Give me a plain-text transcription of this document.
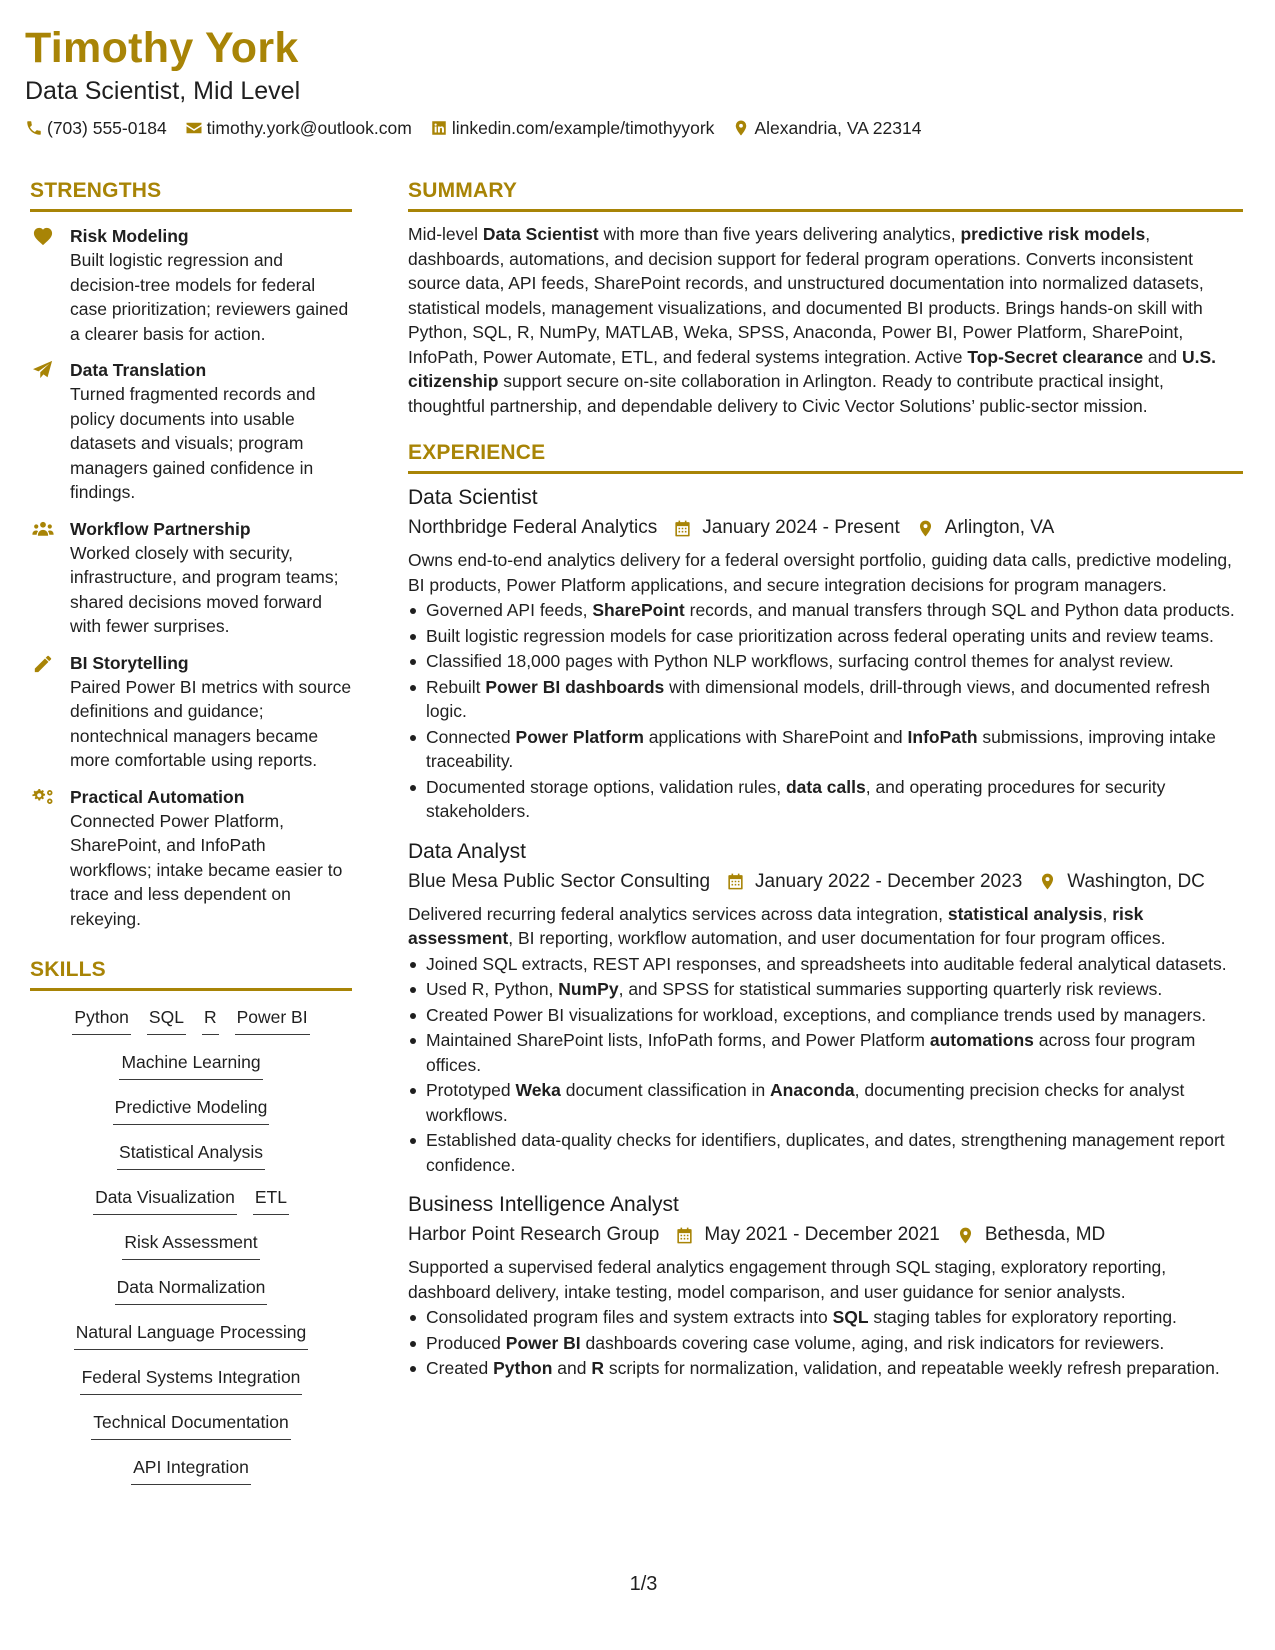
Timothy York
Data Scientist, Mid Level
(703) 555-0184 timothy.york@outlook.com linkedin.com/example/timothyyork Alexandria, VA 22314
STRENGTHS
Risk Modeling
Built logistic regression and decision-tree models for federal case prioritization; reviewers gained a clearer basis for action.
Data Translation
Turned fragmented records and policy documents into usable datasets and visuals; program managers gained confidence in findings.
Workflow Partnership
Worked closely with security, infrastructure, and program teams; shared decisions moved forward with fewer surprises.
BI Storytelling
Paired Power BI metrics with source definitions and guidance; nontechnical managers became more comfortable using reports.
Practical Automation
Connected Power Platform, SharePoint, and InfoPath workflows; intake became easier to trace and less dependent on rekeying.
SKILLS
Python SQL R Power BI
Machine Learning
Predictive Modeling
Statistical Analysis
Data Visualization ETL
Risk Assessment
Data Normalization
Natural Language Processing
Federal Systems Integration
Technical Documentation
API Integration
SUMMARY
Mid-level Data Scientist with more than five years delivering analytics, predictive risk models, dashboards, automations, and decision support for federal program operations. Converts inconsistent source data, API feeds, SharePoint records, and unstructured documentation into normalized datasets, statistical models, management visualizations, and documented BI products. Brings hands-on skill with Python, SQL, R, NumPy, MATLAB, Weka, SPSS, Anaconda, Power BI, Power Platform, SharePoint, InfoPath, Power Automate, ETL, and federal systems integration. Active Top-Secret clearance and U.S. citizenship support secure on-site collaboration in Arlington. Ready to contribute practical insight, thoughtful partnership, and dependable delivery to Civic Vector Solutions’ public-sector mission.
EXPERIENCE
Data Scientist
Northbridge Federal Analytics January 2024 - Present Arlington, VA
Owns end-to-end analytics delivery for a federal oversight portfolio, guiding data calls, predictive modeling, BI products, Power Platform applications, and secure integration decisions for program managers.
Governed API feeds, SharePoint records, and manual transfers through SQL and Python data products.
Built logistic regression models for case prioritization across federal operating units and review teams.
Classified 18,000 pages with Python NLP workflows, surfacing control themes for analyst review.
Rebuilt Power BI dashboards with dimensional models, drill-through views, and documented refresh logic.
Connected Power Platform applications with SharePoint and InfoPath submissions, improving intake traceability.
Documented storage options, validation rules, data calls, and operating procedures for security stakeholders.
Data Analyst
Blue Mesa Public Sector Consulting January 2022 - December 2023 Washington, DC
Delivered recurring federal analytics services across data integration, statistical analysis, risk assessment, BI reporting, workflow automation, and user documentation for four program offices.
Joined SQL extracts, REST API responses, and spreadsheets into auditable federal analytical datasets.
Used R, Python, NumPy, and SPSS for statistical summaries supporting quarterly risk reviews.
Created Power BI visualizations for workload, exceptions, and compliance trends used by managers.
Maintained SharePoint lists, InfoPath forms, and Power Platform automations across four program offices.
Prototyped Weka document classification in Anaconda, documenting precision checks for analyst workflows.
Established data-quality checks for identifiers, duplicates, and dates, strengthening management report confidence.
Business Intelligence Analyst
Harbor Point Research Group May 2021 - December 2021 Bethesda, MD
Supported a supervised federal analytics engagement through SQL staging, exploratory reporting, dashboard delivery, intake testing, model comparison, and user guidance for senior analysts.
Consolidated program files and system extracts into SQL staging tables for exploratory reporting.
Produced Power BI dashboards covering case volume, aging, and risk indicators for reviewers.
Created Python and R scripts for normalization, validation, and repeatable weekly refresh preparation.
1/3
